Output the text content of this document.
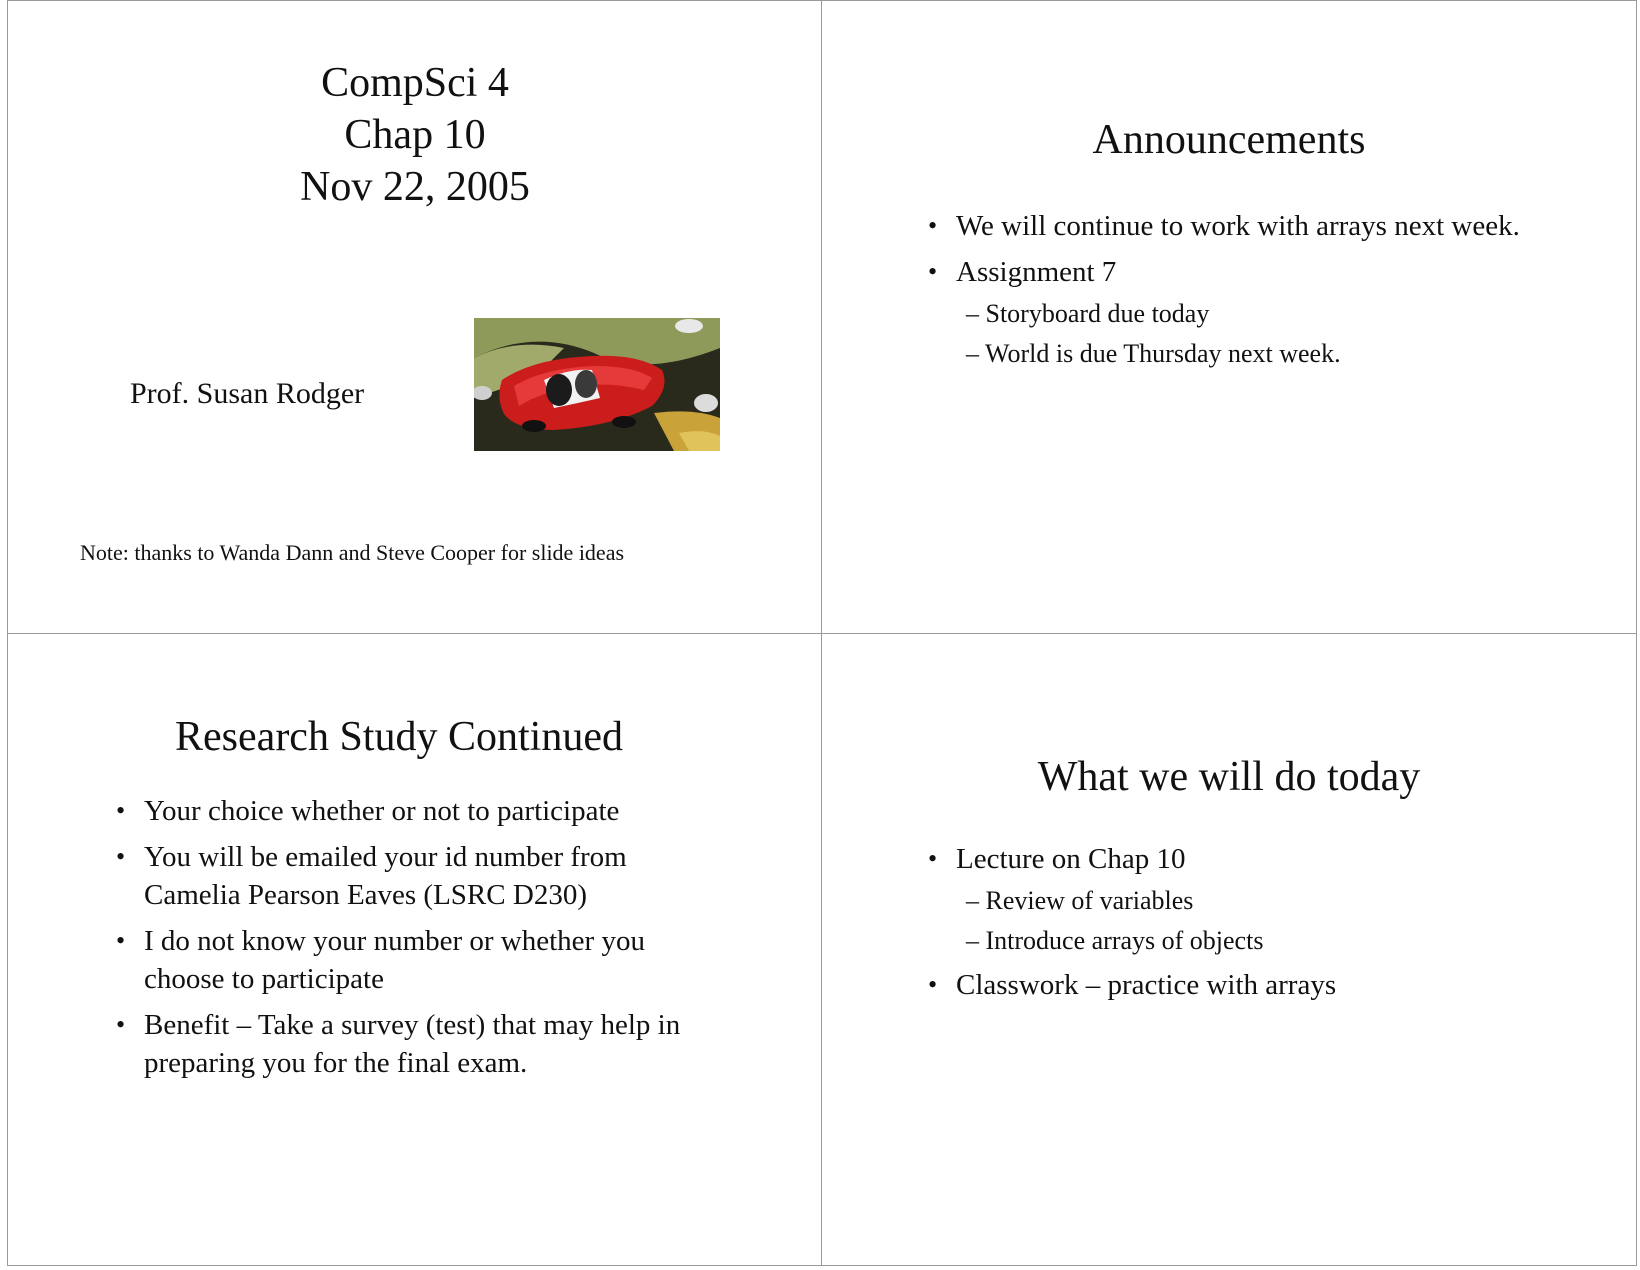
CompSci 4
Chap 10
Nov 22, 2005
Prof. Susan Rodger
Note: thanks to Wanda Dann and Steve Cooper for slide ideas
Announcements
• We will continue to work with arrays next week.
• Assignment 7
– Storyboard due today
– World is due Thursday next week.
Research Study Continued
• Your choice whether or not to participate
• You will be emailed your id number from Camelia Pearson Eaves (LSRC D230)
• I do not know your number or whether you choose to participate
• Benefit – Take a survey (test) that may help in preparing you for the final exam.
What we will do today
• Lecture on Chap 10
– Review of variables
– Introduce arrays of objects
• Classwork – practice with arrays
